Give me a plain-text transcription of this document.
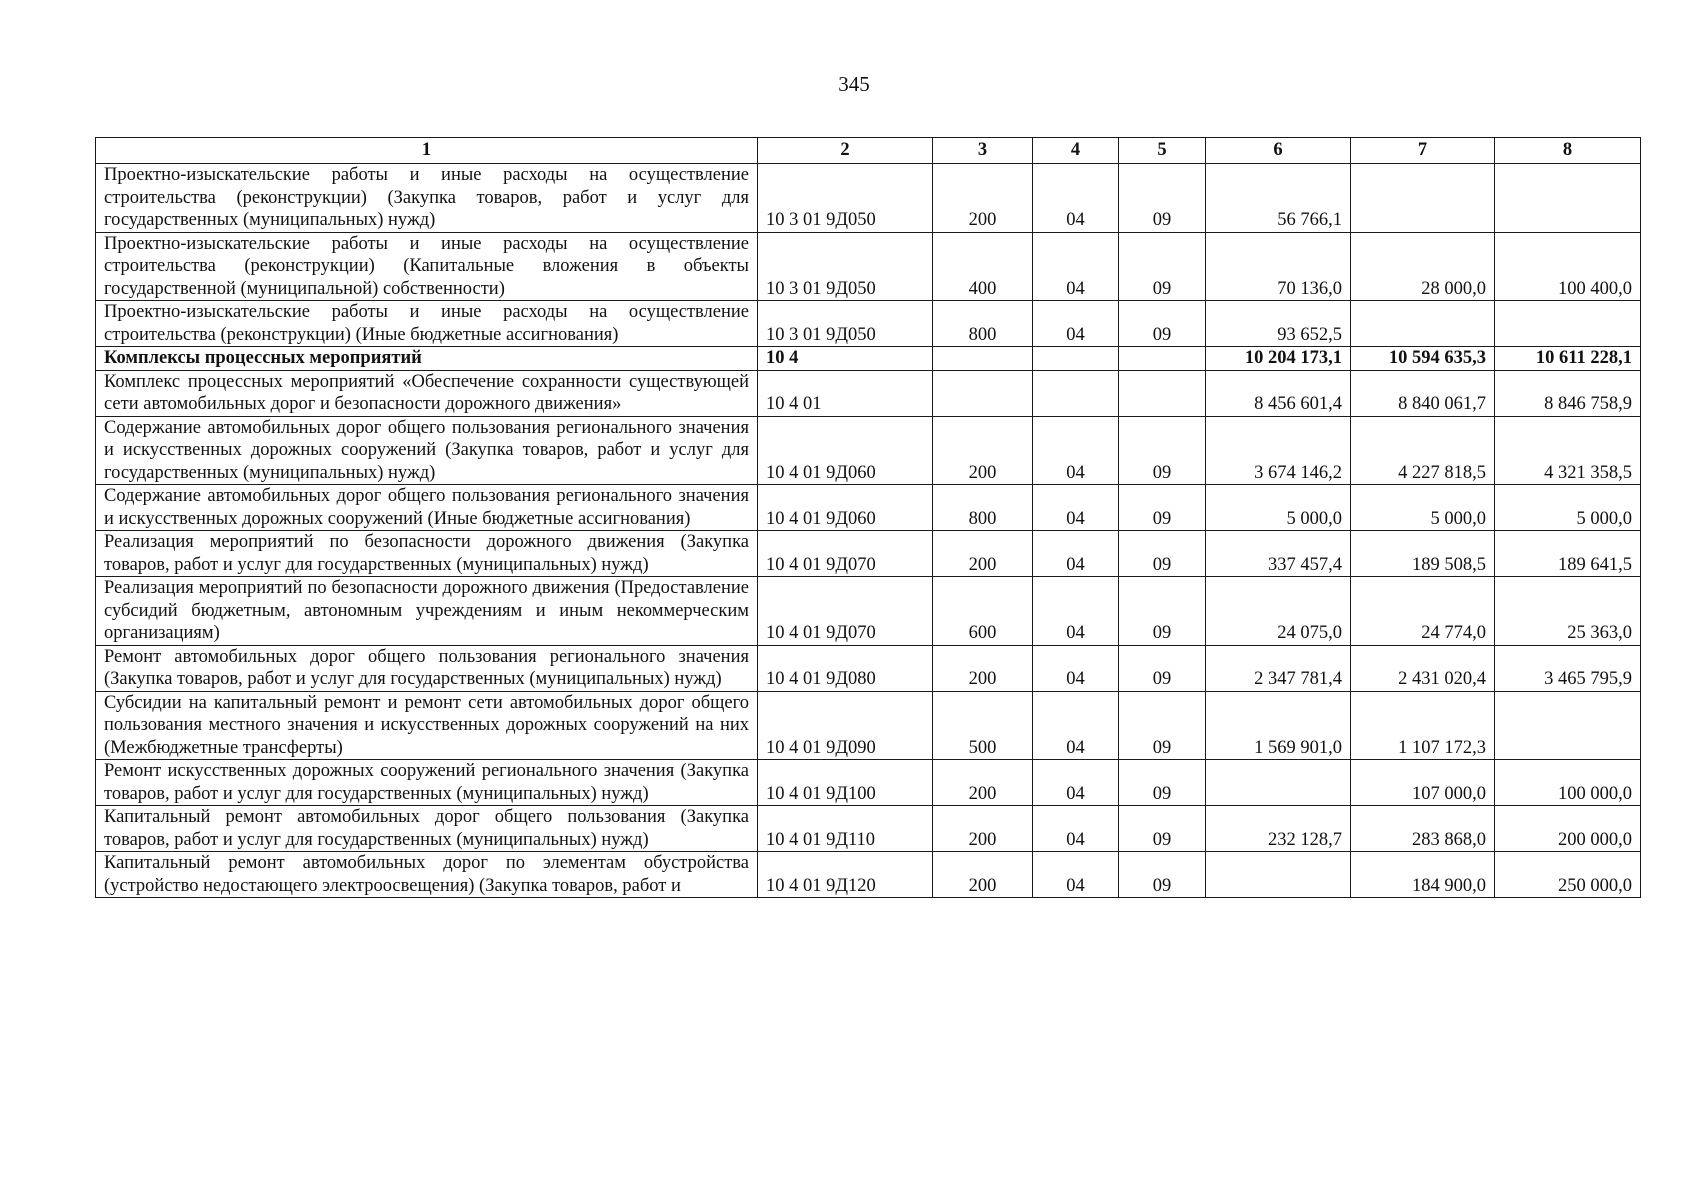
345
1	2	3	4	5	6	7	8
Проектно-изыскательские работы и иные расходы на осуществление строительства (реконструкции) (Закупка товаров, работ и услуг для государственных (муниципальных) нужд)	10 3 01 9Д050	200	04	09	56 766,1		
Проектно-изыскательские работы и иные расходы на осуществление строительства (реконструкции) (Капитальные вложения в объекты государственной (муниципальной) собственности)	10 3 01 9Д050	400	04	09	70 136,0	28 000,0	100 400,0
Проектно-изыскательские работы и иные расходы на осуществление строительства (реконструкции) (Иные бюджетные ассигнования)	10 3 01 9Д050	800	04	09	93 652,5		
Комплексы процессных мероприятий	10 4				10 204 173,1	10 594 635,3	10 611 228,1
Комплекс процессных мероприятий «Обеспечение сохранности существующей сети автомобильных дорог и безопасности дорожного движения»	10 4 01				8 456 601,4	8 840 061,7	8 846 758,9
Содержание автомобильных дорог общего пользования регионального значения и искусственных дорожных сооружений (Закупка товаров, работ и услуг для государственных (муниципальных) нужд)	10 4 01 9Д060	200	04	09	3 674 146,2	4 227 818,5	4 321 358,5
Содержание автомобильных дорог общего пользования регионального значения и искусственных дорожных сооружений (Иные бюджетные ассигнования)	10 4 01 9Д060	800	04	09	5 000,0	5 000,0	5 000,0
Реализация мероприятий по безопасности дорожного движения (Закупка товаров, работ и услуг для государственных (муниципальных) нужд)	10 4 01 9Д070	200	04	09	337 457,4	189 508,5	189 641,5
Реализация мероприятий по безопасности дорожного движения (Предоставление субсидий бюджетным, автономным учреждениям и иным некоммерческим организациям)	10 4 01 9Д070	600	04	09	24 075,0	24 774,0	25 363,0
Ремонт автомобильных дорог общего пользования регионального значения (Закупка товаров, работ и услуг для государственных (муниципальных) нужд)	10 4 01 9Д080	200	04	09	2 347 781,4	2 431 020,4	3 465 795,9
Субсидии на капитальный ремонт и ремонт сети автомобильных дорог общего пользования местного значения и искусственных дорожных сооружений на них (Межбюджетные трансферты)	10 4 01 9Д090	500	04	09	1 569 901,0	1 107 172,3	
Ремонт искусственных дорожных сооружений регионального значения (Закупка товаров, работ и услуг для государственных (муниципальных) нужд)	10 4 01 9Д100	200	04	09		107 000,0	100 000,0
Капитальный ремонт автомобильных дорог общего пользования (Закупка товаров, работ и услуг для государственных (муниципальных) нужд)	10 4 01 9Д110	200	04	09	232 128,7	283 868,0	200 000,0
Капитальный ремонт автомобильных дорог по элементам обустройства (устройство недостающего электроосвещения) (Закупка товаров, работ и	10 4 01 9Д120	200	04	09		184 900,0	250 000,0
